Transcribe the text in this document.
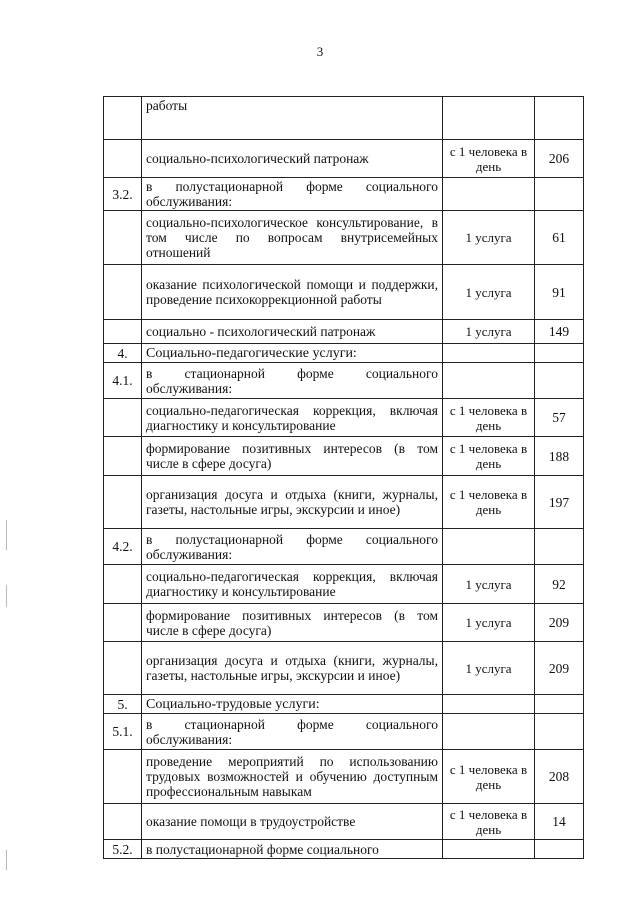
3
	работы		
	социально-психологический патронаж	с 1 человека в день	206
3.2.	в полустационарной форме социального обслуживания:		
	социально-психологическое консультирование, в том числе по вопросам внутрисемейных отношений	1 услуга	61
	оказание психологической помощи и поддержки, проведение психокоррекционной работы	1 услуга	91
	социально - психологический патронаж	1 услуга	149
4.	Социально-педагогические услуги:		
4.1.	в стационарной форме социального обслуживания:		
	социально-педагогическая коррекция, включая диагностику и консультирование	с 1 человека в день	57
	формирование позитивных интересов (в том числе в сфере досуга)	с 1 человека в день	188
	организация досуга и отдыха (книги, журналы, газеты, настольные игры, экскурсии и иное)	с 1 человека в день	197
4.2.	в полустационарной форме социального обслуживания:		
	социально-педагогическая коррекция, включая диагностику и консультирование	1 услуга	92
	формирование позитивных интересов (в том числе в сфере досуга)	1 услуга	209
	организация досуга и отдыха (книги, журналы, газеты, настольные игры, экскурсии и иное)	1 услуга	209
5.	Социально-трудовые услуги:		
5.1.	в стационарной форме социального обслуживания:		
	проведение мероприятий по использованию трудовых возможностей и обучению доступным профессиональным навыкам	с 1 человека в день	208
	оказание помощи в трудоустройстве	с 1 человека в день	14
5.2.	в полустационарной форме социального		
